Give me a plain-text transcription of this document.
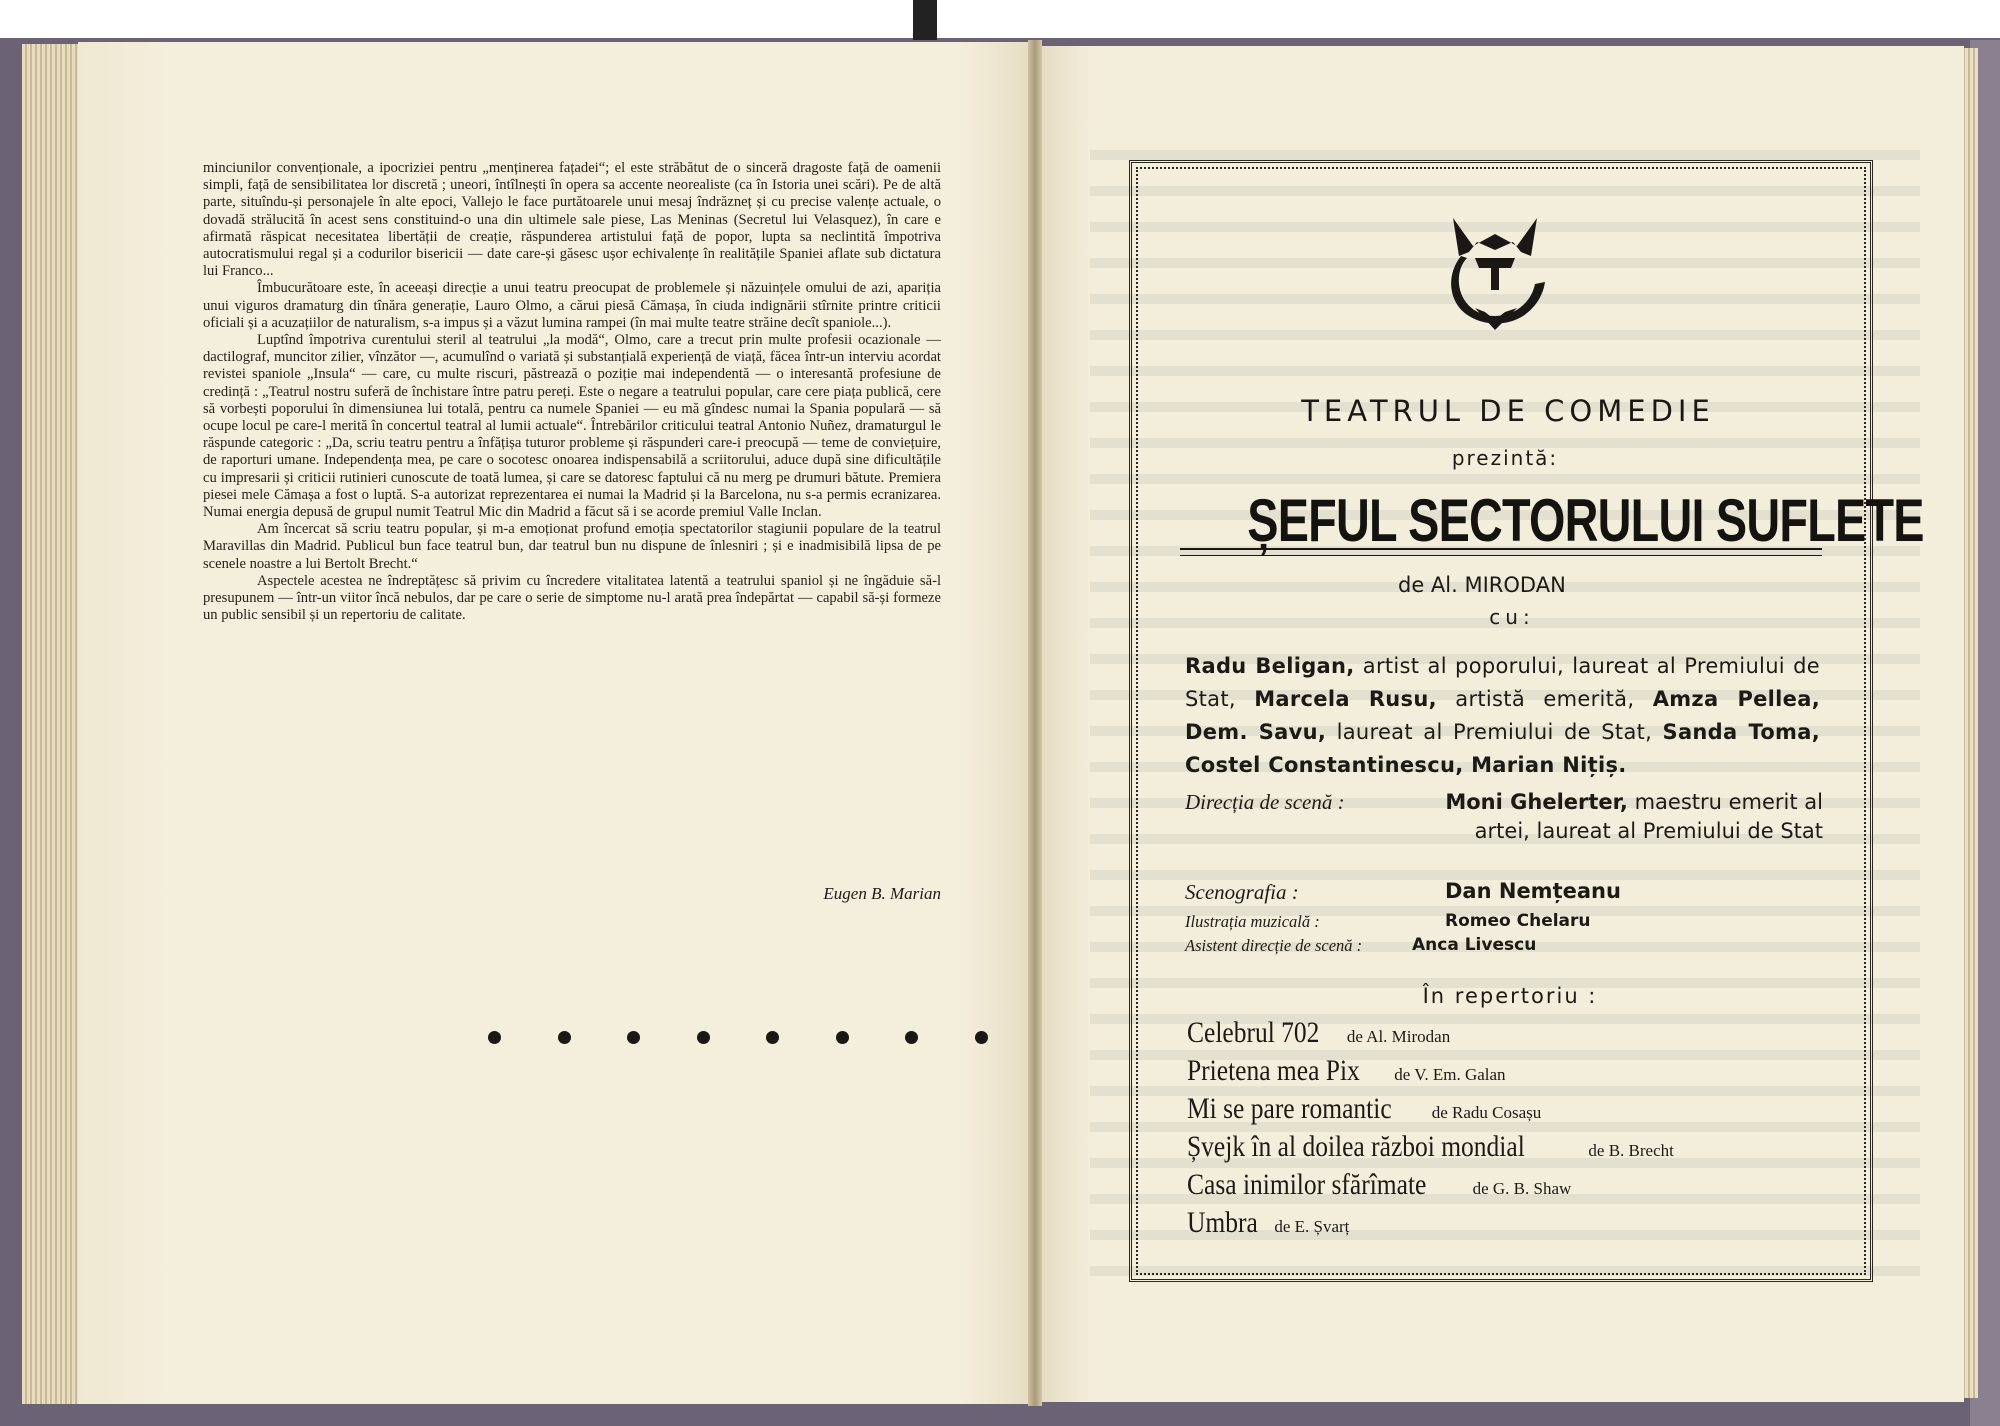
minciunilor convenționale, a ipocriziei pentru „menținerea fațadei“; el este străbătut de o sinceră dragoste față de oamenii simpli, față de sensibilitatea lor discretă ; uneori, întîlnești în opera sa accente neorealiste (ca în Istoria unei scări). Pe de altă parte, situîndu-și personajele în alte epoci, Vallejo le face purtătoarele unui mesaj îndrăzneț și cu precise valențe actuale, o dovadă strălucită în acest sens constituind-o una din ultimele sale piese, Las Meninas (Secretul lui Velasquez), în care e afirmată răspicat necesitatea libertății de creație, răspunderea artistului față de popor, lupta sa neclintită împotriva autocratismului regal și a codurilor bisericii — date care-și găsesc ușor echivalențe în realitățile Spaniei aflate sub dictatura lui Franco...

Îmbucurătoare este, în aceeași direcție a unui teatru preocupat de problemele și năzuințele omului de azi, apariția unui viguros dramaturg din tînăra generație, Lauro Olmo, a cărui piesă Cămașa, în ciuda indignării stîrnite printre criticii oficiali și a acuzațiilor de naturalism, s-a impus și a văzut lumina rampei (în mai multe teatre străine decît spaniole...).

Luptînd împotriva curentului steril al teatrului „la modă“, Olmo, care a trecut prin multe profesii ocazionale — dactilograf, muncitor zilier, vînzător —, acumulînd o variată și substanțială experiență de viață, făcea într-un interviu acordat revistei spaniole „Insula“ — care, cu multe riscuri, păstrează o poziție mai independentă — o interesantă profesiune de credință : „Teatrul nostru suferă de închistare între patru pereți. Este o negare a teatrului popular, care cere piața publică, cere să vorbești poporului în dimensiunea lui totală, pentru ca numele Spaniei — eu mă gîndesc numai la Spania populară — să ocupe locul pe care-l merită în concertul teatral al lumii actuale“. Întrebărilor criticului teatral Antonio Nuñez, dramaturgul le răspunde categoric : „Da, scriu teatru pentru a înfățișa tuturor probleme și răspunderi care-i preocupă — teme de conviețuire, de raporturi umane. Independența mea, pe care o socotesc onoarea indispensabilă a scriitorului, aduce după sine dificultățile cu impresarii și criticii rutinieri cunoscute de toată lumea, și care se datoresc faptului că nu merg pe drumuri bătute. Premiera piesei mele Cămașa a fost o luptă. S-a autorizat reprezentarea ei numai la Madrid și la Barcelona, nu s-a permis ecranizarea. Numai energia depusă de grupul numit Teatrul Mic din Madrid a făcut să i se acorde premiul Valle Inclan.

Am încercat să scriu teatru popular, și m-a emoționat profund emoția spectatorilor stagiunii populare de la teatrul Maravillas din Madrid. Publicul bun face teatrul bun, dar teatrul bun nu dispune de înlesniri ; și e inadmisibilă lipsa de pe scenele noastre a lui Bertolt Brecht.“

Aspectele acestea ne îndreptățesc să privim cu încredere vitalitatea latentă a teatrului spaniol și ne îngăduie să-l presupunem — într-un viitor încă nebulos, dar pe care o serie de simptome nu-l arată prea îndepărtat — capabil să-și formeze un public sensibil și un repertoriu de calitate.

Eugen B. Marian
TEATRUL DE COMEDIE
prezintă:
ȘEFUL SECTORULUI SUFLETE
de Al. MIRODAN
cu:
Radu Beligan, artist al poporului, laureat al Premiului de Stat, Marcela Rusu, artistă emerită, Amza Pellea, Dem. Savu, laureat al Premiului de Stat, Sanda Toma, Costel Constantinescu, Marian Nițiș.
Direcția de scenă :	Moni Ghelerter, maestru emerit al artei, laureat al Premiului de Stat
Scenografia :	Dan Nemțeanu
Ilustrația muzicală :	Romeo Chelaru
Asistent direcție de scenă :	Anca Livescu
În repertoriu :
Celebrul 702 de Al. Mirodan
Prietena mea Pix de V. Em. Galan
Mi se pare romantic de Radu Cosașu
Șvejk în al doilea război mondial	de B. Brecht
Casa inimilor sfărîmate	de G. B. Shaw
Umbra de E. Șvarț
